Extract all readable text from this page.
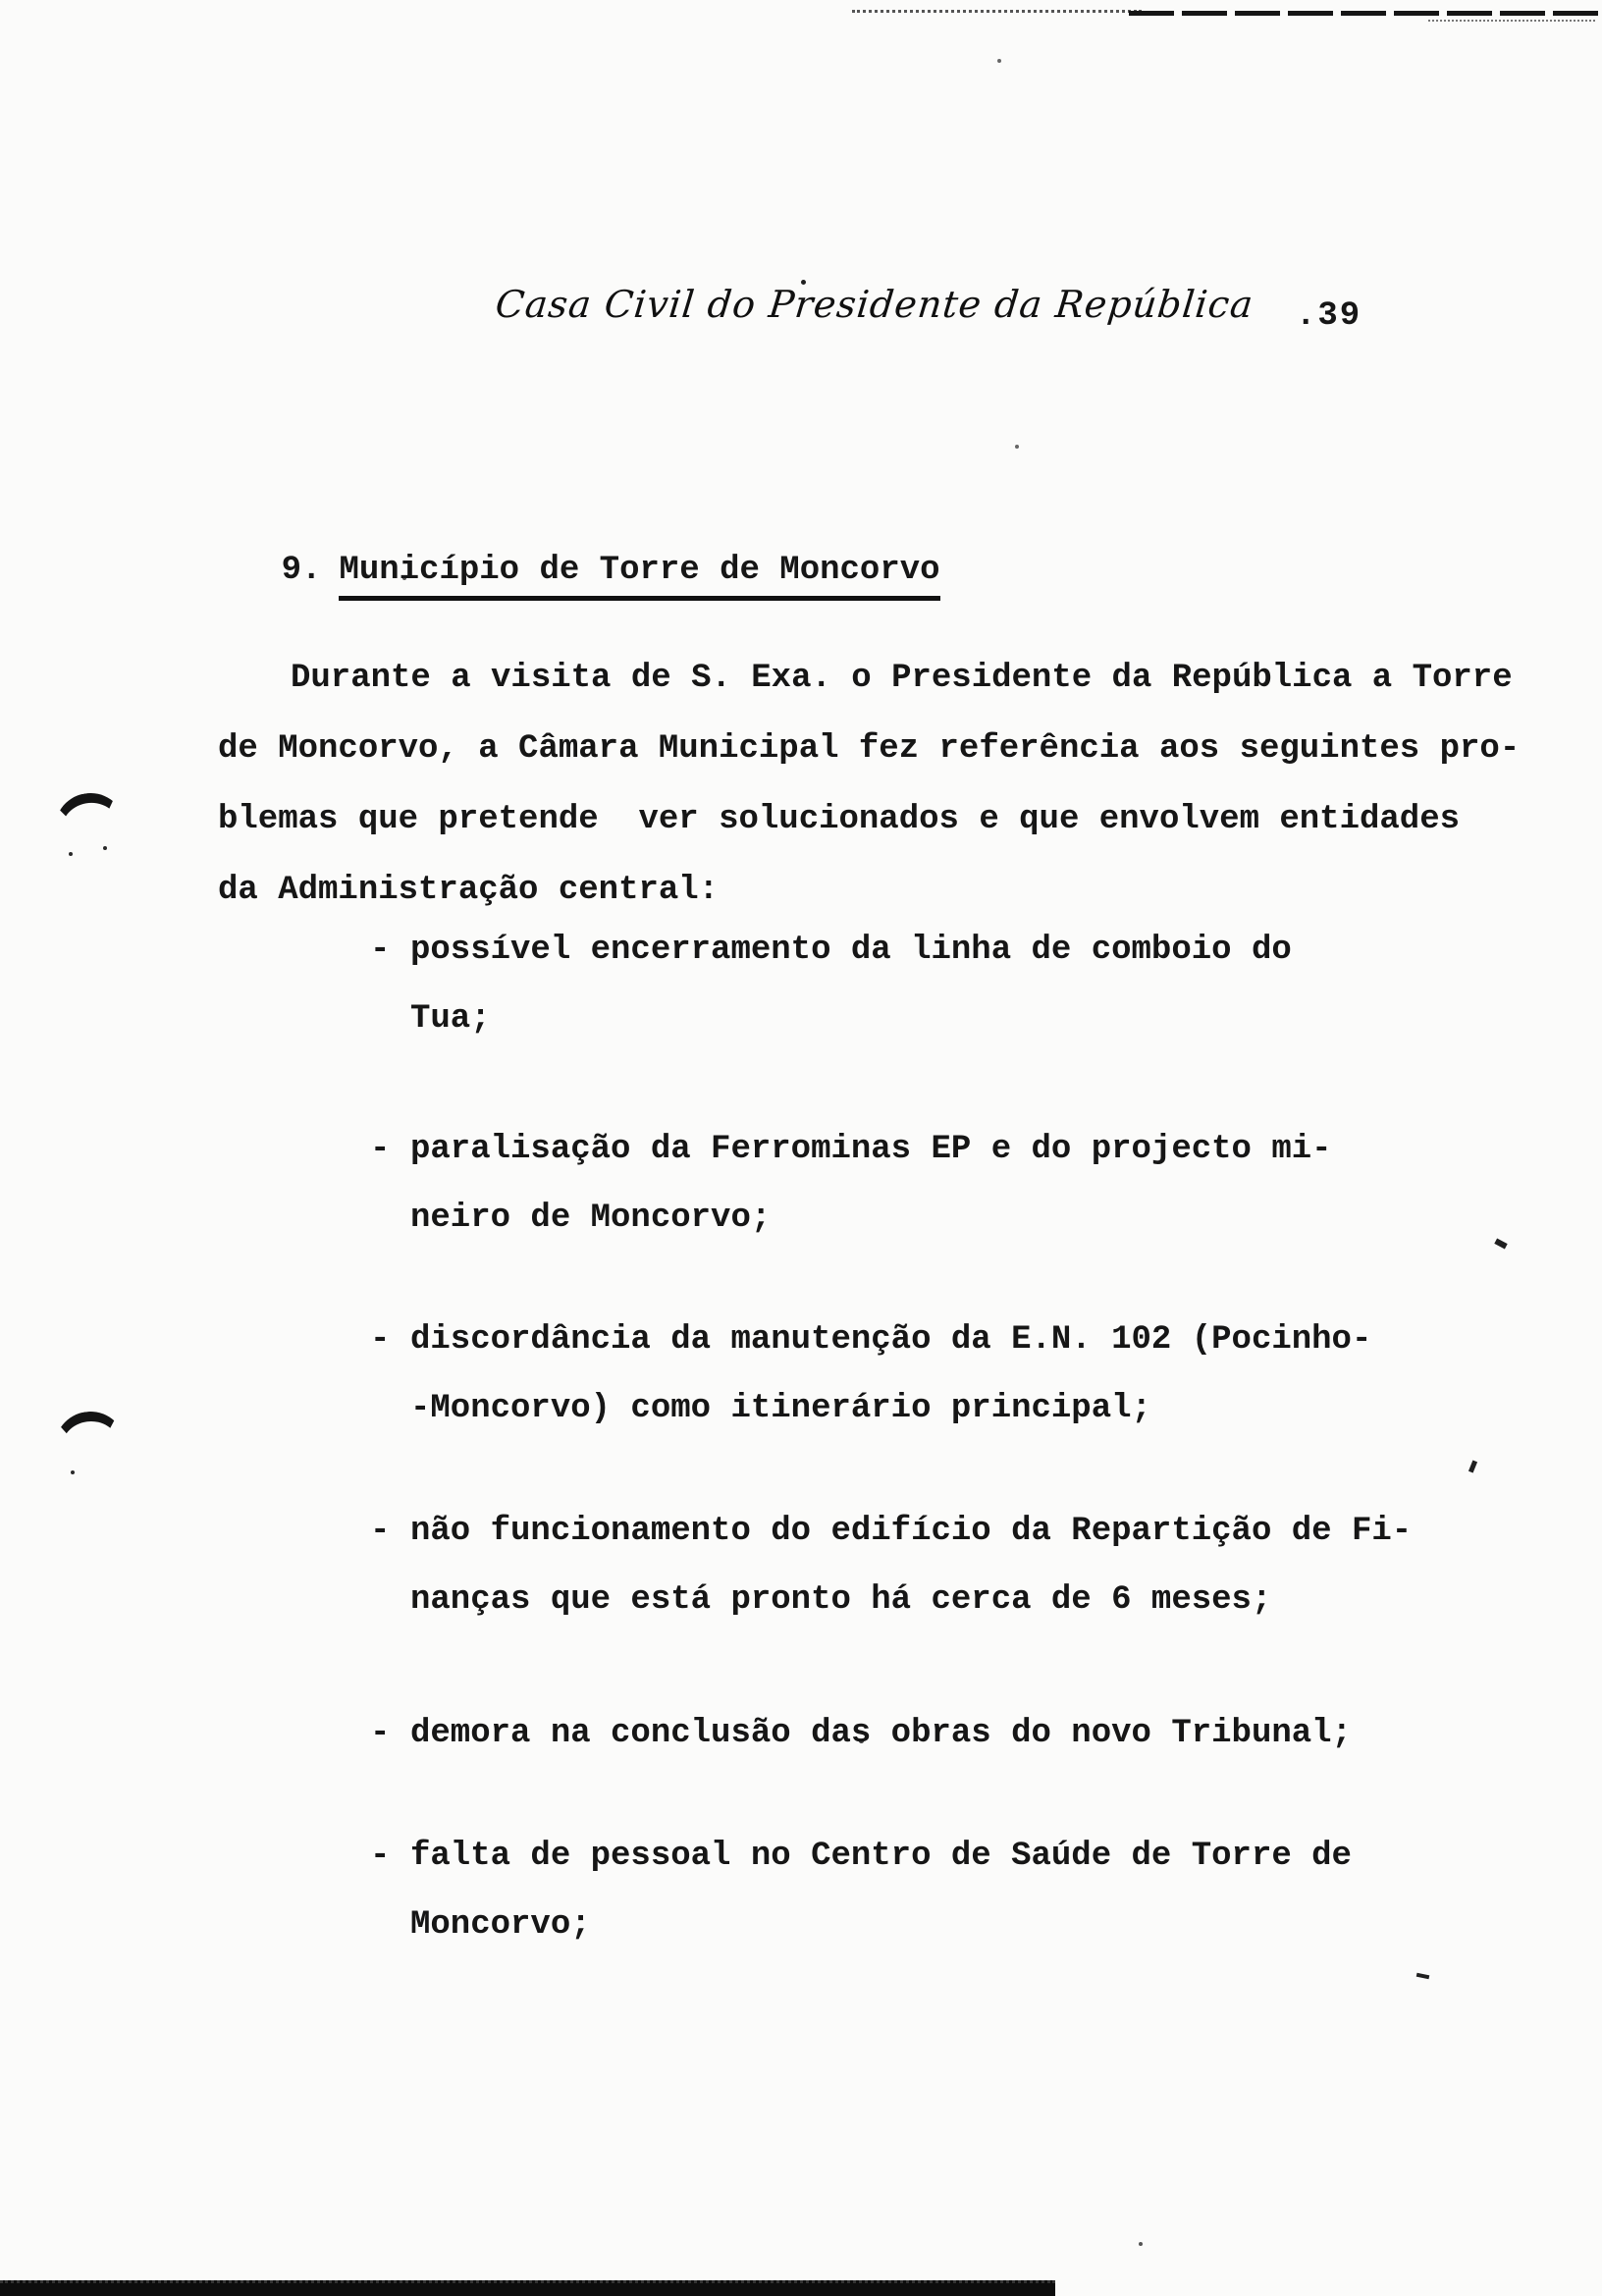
Casa Civil do Presidente da República .39

9. Município de Torre de Moncorvo

Durante a visita de S. Exa. o Presidente da República a Torre
de Moncorvo, a Câmara Municipal fez referência aos seguintes pro-
blemas que pretende  ver solucionados e que envolvem entidades
da Administração central:
- possível encerramento da linha de comboio do
Tua;
- paralisação da Ferrominas EP e do projecto mi-
neiro de Moncorvo;
- discordância da manutenção da E.N. 102 (Pocinho-
-Moncorvo) como itinerário principal;
- não funcionamento do edifício da Repartição de Fi-
nanças que está pronto há cerca de 6 meses;
- demora na conclusão das obras do novo Tribunal;
- falta de pessoal no Centro de Saúde de Torre de
Moncorvo;
